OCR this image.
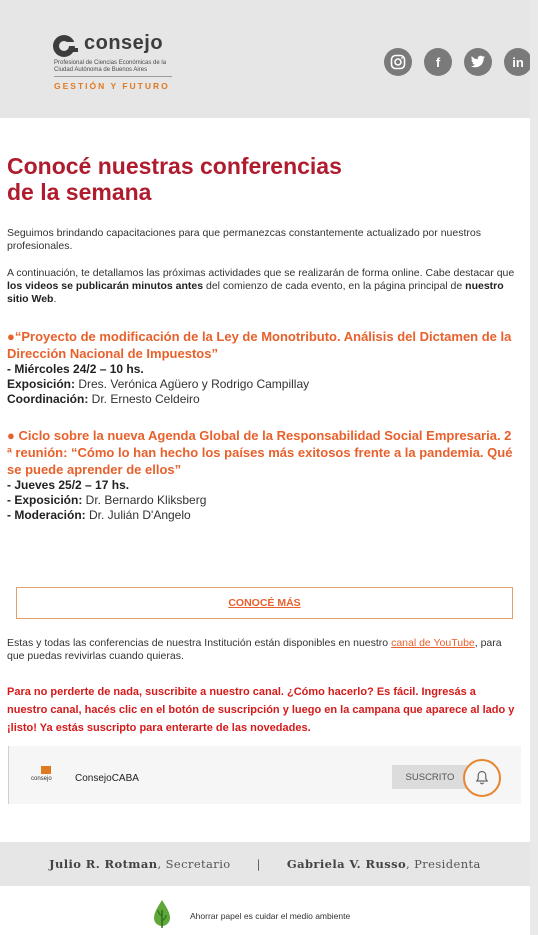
consejo
Profesional de Ciencias Económicas de la Ciudad Autónoma de Buenos Aires
GESTIÓN Y FUTURO
f	in
Conocé nuestras conferencias
de la semana

Seguimos brindando capacitaciones para que permanezcas constantemente actualizado por nuestros profesionales.

A continuación, te detallamos las próximas actividades que se realizarán de forma online. Cabe destacar que los videos se publicarán minutos antes del comienzo de cada evento, en la página principal de nuestro sitio Web.

●“Proyecto de modificación de la Ley de Monotributo. Análisis del Dictamen de la Dirección Nacional de Impuestos”
- Miércoles 24/2 – 10 hs.
Exposición: Dres. Verónica Agüero y Rodrigo Campillay
Coordinación: Dr. Ernesto Celdeiro
● Ciclo sobre la nueva Agenda Global de la Responsabilidad Social Empresaria. 2 ª reunión: “Cómo lo han hecho los países más exitosos frente a la pandemia. Qué se puede aprender de ellos”
- Jueves 25/2 – 17 hs.
- Exposición: Dr. Bernardo Kliksberg
- Moderación: Dr. Julián D'Angelo
CONOCÉ MÁS

Estas y todas las conferencias de nuestra Institución están disponibles en nuestro canal de YouTube, para que puedas revivirlas cuando quieras.

Para no perderte de nada, suscribite a nuestro canal. ¿Cómo hacerlo? Es fácil. Ingresás a nuestro canal, hacés clic en el botón de suscripción y luego en la campana que aparece al lado y ¡listo! Ya estás suscripto para enterarte de las novedades.

consejo ConsejoCABA	SUSCRITO
Julio R. Rotman , Secretario | Gabriela V. Russo , Presidenta
Ahorrar papel es cuidar el medio ambiente
